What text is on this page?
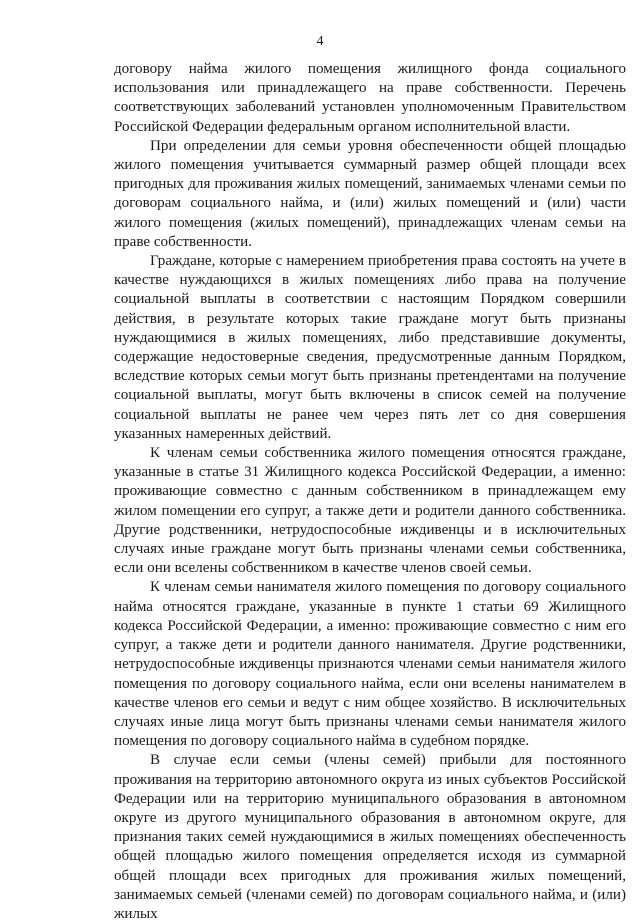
4

договору найма жилого помещения жилищного фонда социального использования или принадлежащего на праве собственности. Перечень соответствующих заболеваний установлен уполномоченным Правительством Российской Федерации федеральным органом исполнительной власти.

При определении для семьи уровня обеспеченности общей площадью жилого помещения учитывается суммарный размер общей площади всех пригодных для проживания жилых помещений, занимаемых членами семьи по договорам социального найма, и (или) жилых помещений и (или) части жилого помещения (жилых помещений), принадлежащих членам семьи на праве собственности.

Граждане, которые с намерением приобретения права состоять на учете в качестве нуждающихся в жилых помещениях либо права на получение социальной выплаты в соответствии с настоящим Порядком совершили действия, в результате которых такие граждане могут быть признаны нуждающимися в жилых помещениях, либо представившие документы, содержащие недостоверные сведения, предусмотренные данным Порядком, вследствие которых семьи могут быть признаны претендентами на получение социальной выплаты, могут быть включены в список семей на получение социальной выплаты не ранее чем через пять лет со дня совершения указанных намеренных действий.

К членам семьи собственника жилого помещения относятся граждане, указанные в статье 31 Жилищного кодекса Российской Федерации, а именно: проживающие совместно с данным собственником в принадлежащем ему жилом помещении его супруг, а также дети и родители данного собственника. Другие родственники, нетрудоспособные иждивенцы и в исключительных случаях иные граждане могут быть признаны членами семьи собственника, если они вселены собственником в качестве членов своей семьи.

К членам семьи нанимателя жилого помещения по договору социального найма относятся граждане, указанные в пункте 1 статьи 69 Жилищного кодекса Российской Федерации, а именно: проживающие совместно с ним его супруг, а также дети и родители данного нанимателя. Другие родственники, нетрудоспособные иждивенцы признаются членами семьи нанимателя жилого помещения по договору социального найма, если они вселены нанимателем в качестве членов его семьи и ведут с ним общее хозяйство. В исключительных случаях иные лица могут быть признаны членами семьи нанимателя жилого помещения по договору социального найма в судебном порядке.

В случае если семьи (члены семей) прибыли для постоянного проживания на территорию автономного округа из иных субъектов Российской Федерации или на территорию муниципального образования в автономном округе из другого муниципального образования в автономном округе, для признания таких семей нуждающимися в жилых помещениях обеспеченность общей площадью жилого помещения определяется исходя из суммарной общей площади всех пригодных для проживания жилых помещений, занимаемых семьей (членами семей) по договорам социального найма, и (или) жилых
